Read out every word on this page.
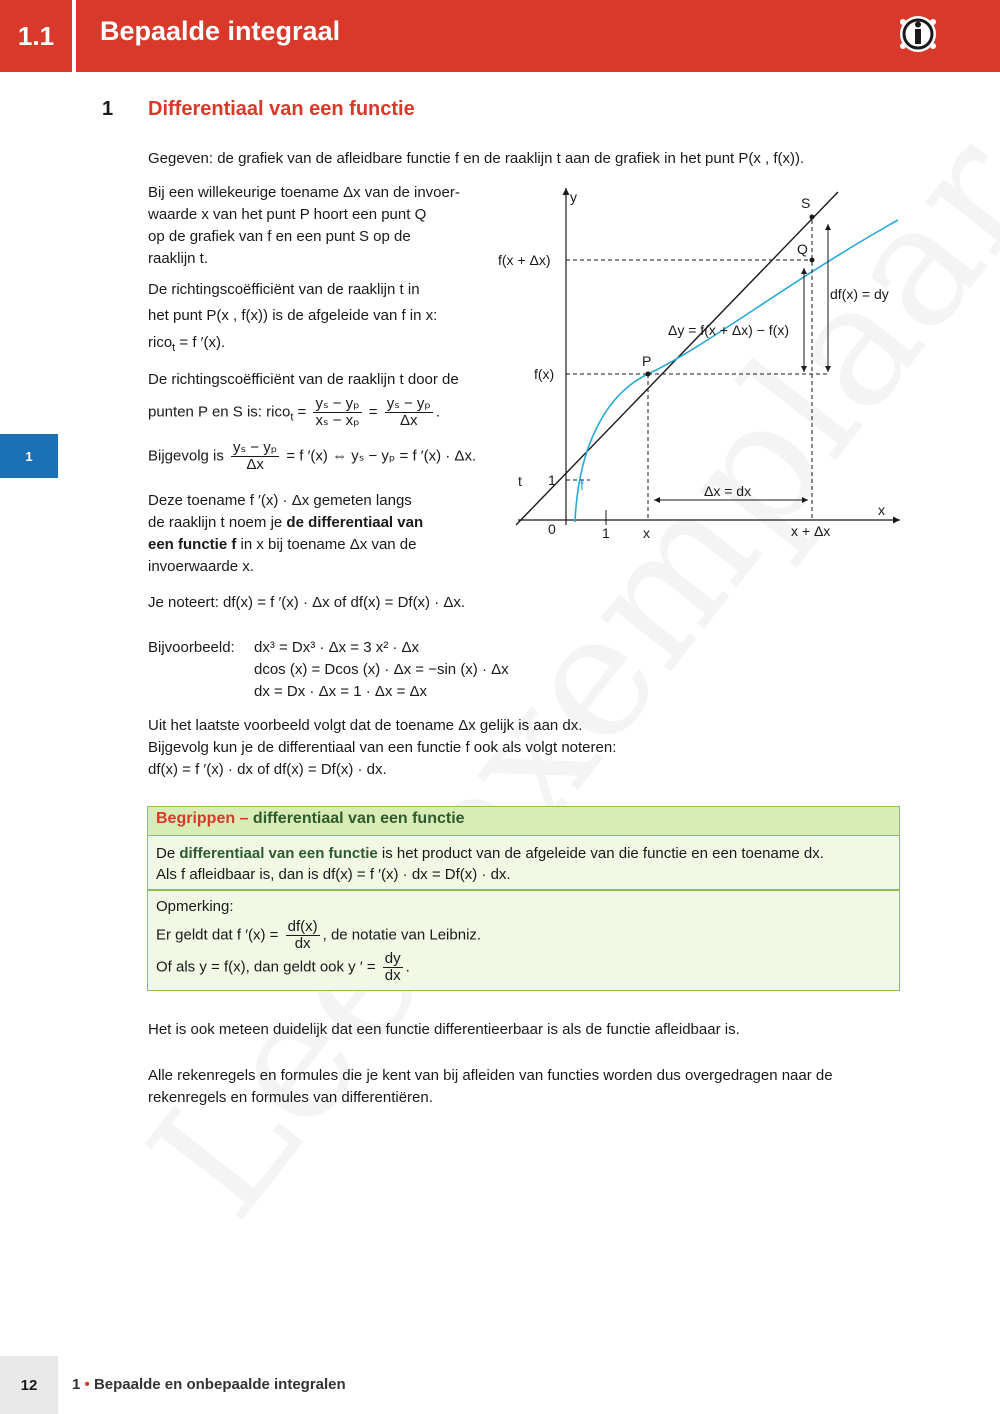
1.1	Bepaalde integraal
1
1 Differentiaal van een functie
Gegeven: de grafiek van de afleidbare functie f en de raaklijn t aan de grafiek in het punt P(x , f(x)).
Bij een willekeurige toename Δx van de invoer-
waarde x van het punt P hoort een punt Q
op de grafiek van f en een punt S op de
raaklijn t.
De richtingscoëfficiënt van de raaklijn t in
het punt P(x , f(x)) is de afgeleide van f in x:
rico$_t$ = f ′(x).
De richtingscoëfficiënt van de raaklijn t door de
punten P en S is: rico$_t$ = $\frac{\text{yₛ − yₚ}}{\text{xₛ − xₚ}} = \frac{\text{yₛ − yₚ}}{\Delta x}$ .
Bijgevolg is $\frac{\text{yₛ − yₚ}}{\Delta x} = f$ ′(x) ⇔ yₛ − yₚ = f ′(x) · Δx.
Deze toename f ′(x) · Δx gemeten langs
de raaklijn t noem je de differentiaal van
een functie f in x bij toename Δx van de
invoerwaarde x.
Je noteert: df(x) = f ′(x) · Δx of df(x) = Df(x) · Δx.
Bijvoorbeeld: dx³ = Dx³ · Δx = 3 x² · Δx
dcos (x) = Dcos (x) · Δx = −sin (x) · Δx
dx = Dx · Δx = 1 · Δx = Δx
Uit het laatste voorbeeld volgt dat de toename Δx gelijk is aan dx.
Bijgevolg kun je de differentiaal van een functie f ook als volgt noteren:
df(x) = f ′(x) · dx of df(x) = Df(x) · dx.
y
x
0	1
1
x	x + Δx
f(x)
f(x + Δx)
S
Q
P
t
Δy = f(x + Δx) − f(x)
df(x) = dy
Δx = dx
f
Begrippen – differentiaal van een functie
De differentiaal van een functie is het product van de afgeleide van die functie en een toename dx.
Als f afleidbaar is, dan is df(x) = f ′(x) · dx = Df(x) · dx.
Opmerking:
Er geldt dat f $'(x) = \frac{df(x)}{dx}$ , de notatie van Leibniz.
Of als y = f(x), dan geldt ook y ′ = $\frac{dy}{dx}$ .
Het is ook meteen duidelijk dat een functie differentieerbaar is als de functie afleidbaar is.
Alle rekenregels en formules die je kent van bij afleiden van functies worden dus overgedragen naar de
rekenregels en formules van differentiëren.
12	1 • Bepaalde en onbepaalde integralen
